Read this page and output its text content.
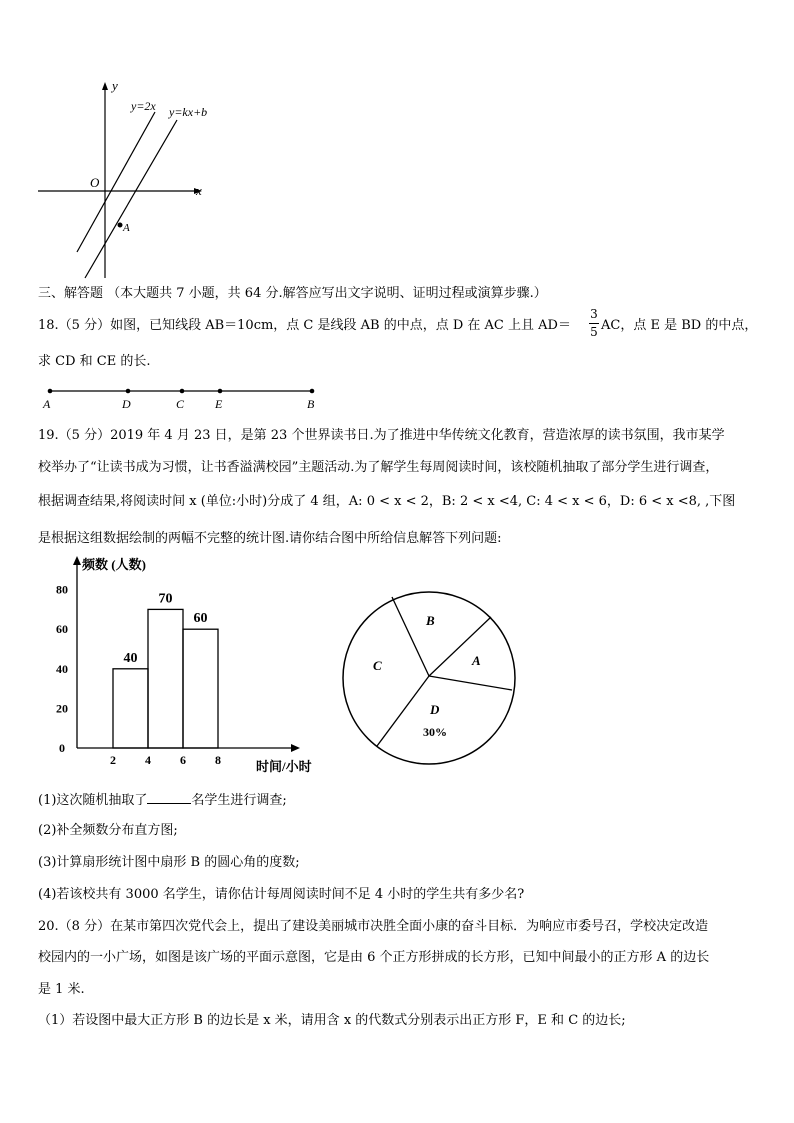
y
x
O
y=2x y=kx+b
A
三、解答题 （本大题共 7 小题，共 64 分.解答应写出文字说明、证明过程或演算步骤.）
18.（5 分）如图，已知线段 AB＝10cm，点 C 是线段 AB 的中点，点 D 在 AC 上且 AD＝
3
5 AC，点 E 是 BD 的中点，
求 CD 和 CE 的长.
A	D	C	E	B
19.（5 分）2019 年 4 月 23 日，是第 23 个世界读书日.为了推进中华传统文化教育，营造浓厚的读书氛围，我市某学
校举办了“让读书成为习惯，让书香溢满校园”主题活动.为了解学生每周阅读时间，该校随机抽取了部分学生进行调查，
根据调查结果,将阅读时间 x (单位:小时)分成了 4 组，A: 0 < x < 2，B: 2 < x <4, C: 4 < x < 6，D: 6 < x <8, ,下图
是根据这组数据绘制的两幅不完整的统计图.请你结合图中所给信息解答下列问题:
频数 (人数)
时间/小时
40
70
60
0
20
40
60
80
2 4 6 8
B
A
D
30%
C
(1)这次随机抽取了	名学生进行调查;
(2)补全频数分布直方图;
(3)计算扇形统计图中扇形 B 的圆心角的度数;
(4)若该校共有 3000 名学生，请你估计每周阅读时间不足 4 小时的学生共有多少名?
20.（8 分）在某市第四次党代会上，提出了建设美丽城市决胜全面小康的奋斗目标．为响应市委号召，学校决定改造
校园内的一小广场，如图是该广场的平面示意图，它是由 6 个正方形拼成的长方形，已知中间最小的正方形 A 的边长
是 1 米.
（1）若设图中最大正方形 B 的边长是 x 米，请用含 x 的代数式分别表示出正方形 F，E 和 C 的边长;
